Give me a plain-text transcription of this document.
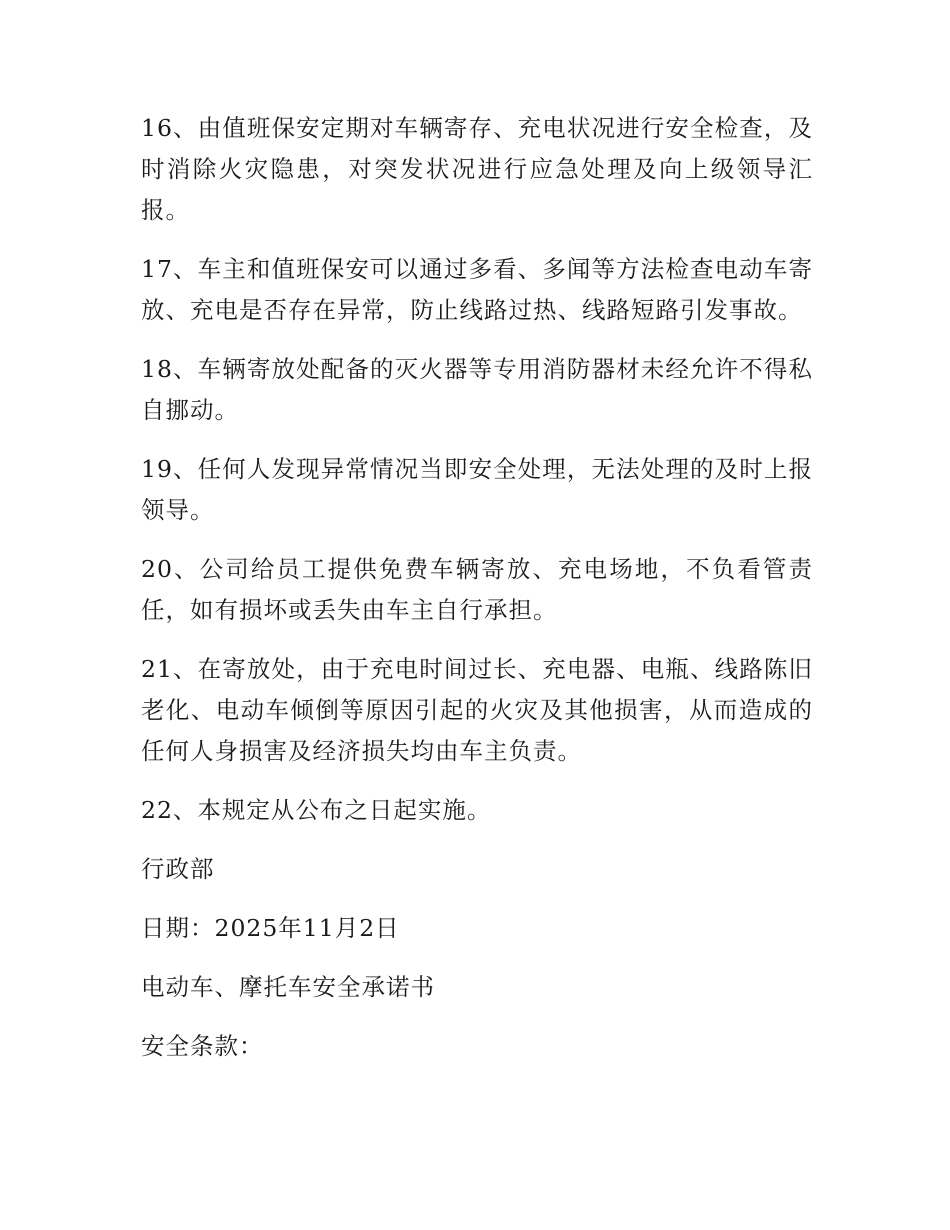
16、由值班保安定期对车辆寄存、充电状况进行安全检查，及时消除火灾隐患，对突发状况进行应急处理及向上级领导汇报。

17、车主和值班保安可以通过多看、多闻等方法检查电动车寄放、充电是否存在异常，防止线路过热、线路短路引发事故。

18、车辆寄放处配备的灭火器等专用消防器材未经允许不得私自挪动。

19、任何人发现异常情况当即安全处理，无法处理的及时上报领导。

20、公司给员工提供免费车辆寄放、充电场地，不负看管责任，如有损坏或丢失由车主自行承担。

21、在寄放处，由于充电时间过长、充电器、电瓶、线路陈旧老化、电动车倾倒等原因引起的火灾及其他损害，从而造成的任何人身损害及经济损失均由车主负责。

22、本规定从公布之日起实施。

行政部

日期：2025年11月2日

电动车、摩托车安全承诺书

安全条款：
